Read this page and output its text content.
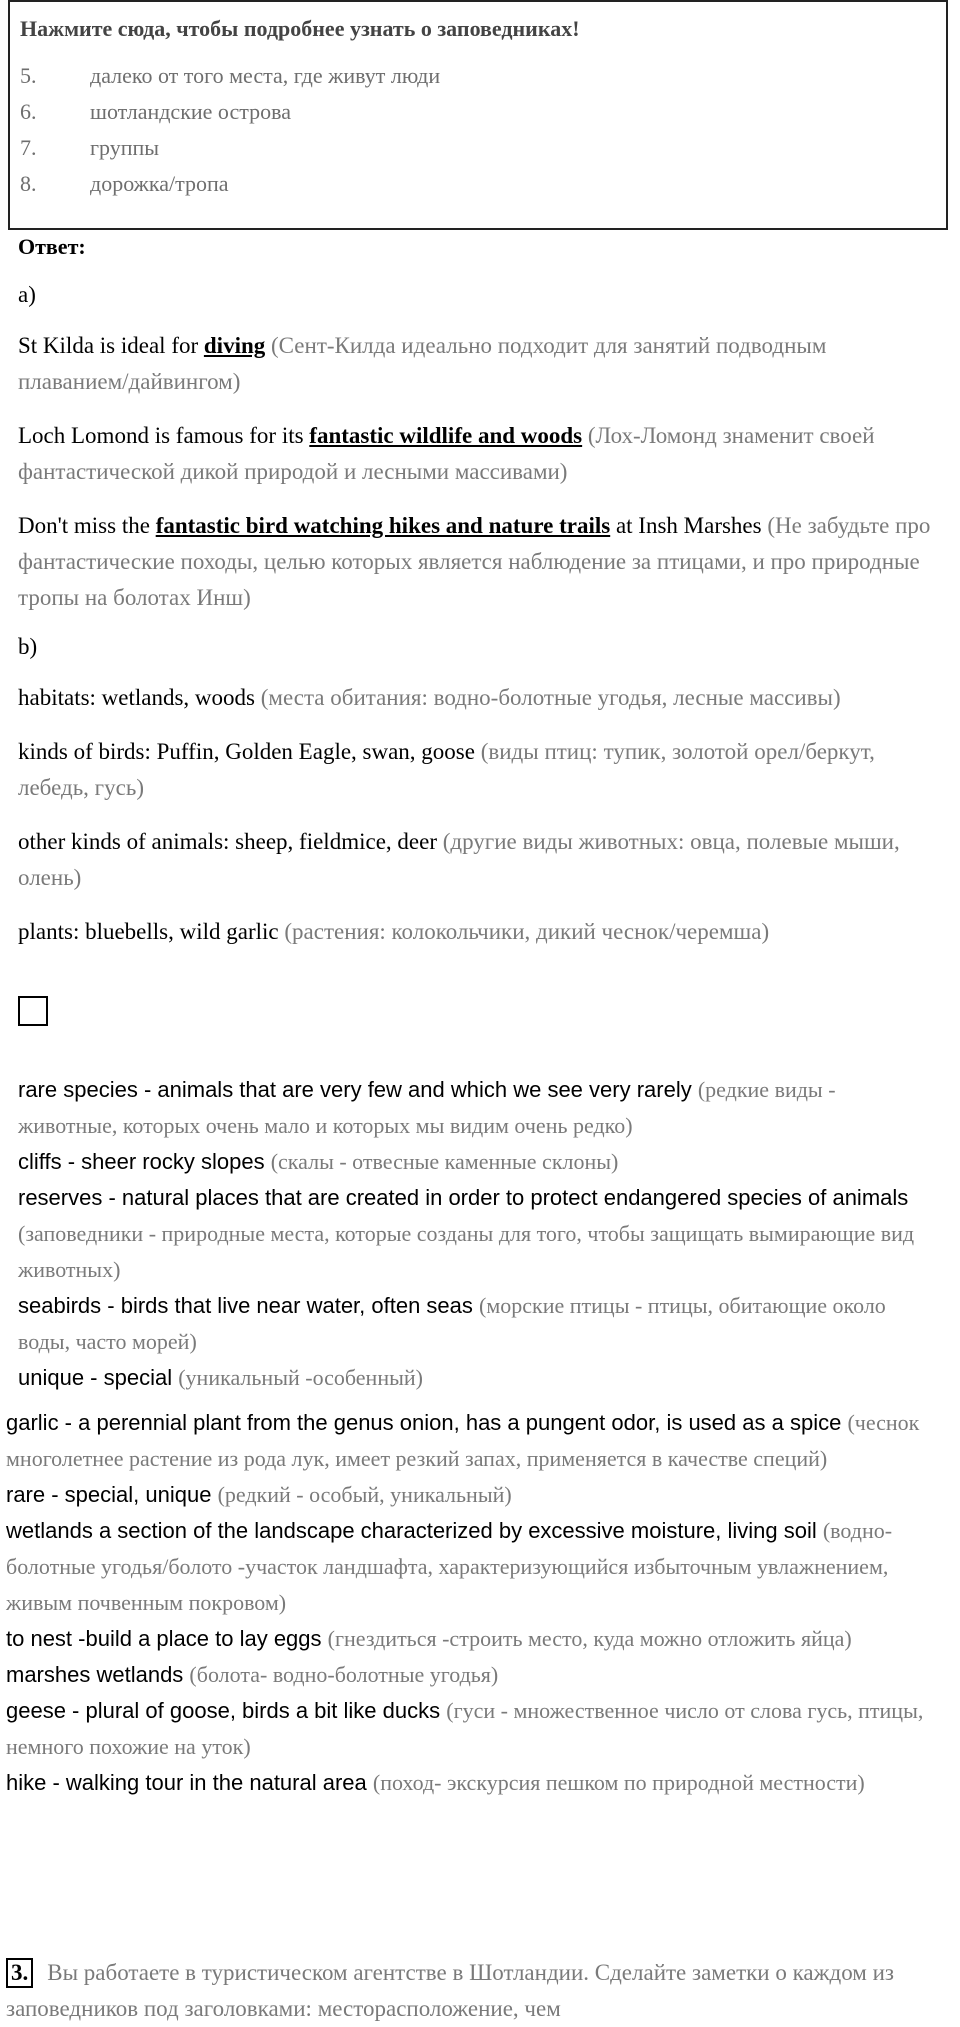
Нажмите сюда, чтобы подробнее узнать о заповедниках!
5.	далеко от того места, где живут люди
6.	шотландские острова
7.	группы
8.	дорожка/тропа
Ответ:
a)

St Kilda is ideal for diving (Сент-Килда идеально подходит для занятий подводным плаванием/дайвингом)

Loch Lomond is famous for its fantastic wildlife and woods (Лох-Ломонд знаменит своей фантастической дикой природой и лесными массивами)

Don't miss the fantastic bird watching hikes and nature trails at Insh Marshes (Не забудьте про фантастические походы, целью которых является наблюдение за птицами, и про природные тропы на болотах Инш)

b)

habitats: wetlands, woods (места обитания: водно-болотные угодья, лесные массивы)

kinds of birds: Puffin, Golden Eagle, swan, goose (виды птиц: тупик, золотой орел/беркут, лебедь, гусь)

other kinds of animals: sheep, fieldmice, deer (другие виды животных: овца, полевые мыши, олень)

plants: bluebells, wild garlic (растения: колокольчики, дикий чеснок/черемша)

rare species - animals that are very few and which we see very rarely (редкие виды - животные, которых очень мало и которых мы видим очень редко)
cliffs - sheer rocky slopes (скалы - отвесные каменные склоны)
reserves - natural places that are created in order to protect endangered species of animals (заповедники - природные места, которые созданы для того, чтобы защищать вымирающие вид животных)
seabirds - birds that live near water, often seas (морские птицы - птицы, обитающие около воды, часто морей)
unique - special (уникальный -особенный)
garlic - a perennial plant from the genus onion, has a pungent odor, is used as a spice (чеснок многолетнее растение из рода лук, имеет резкий запах, применяется в качестве специй)
rare - special, unique (редкий - особый, уникальный)
wetlands a section of the landscape characterized by excessive moisture, living soil (водно-болотные угодья/болото -участок ландшафта, характеризующийся избыточным увлажнением, живым почвенным покровом)
to nest -build a place to lay eggs (гнездиться -строить место, куда можно отложить яйца)
marshes wetlands (болота- водно-болотные угодья)
geese - plural of goose, birds a bit like ducks (гуси - множественное число от слова гусь, птицы, немного похожие на уток)
hike - walking tour in the natural area (поход- экскурсия пешком по природной местности)
3. Вы работаете в туристическом агентстве в Шотландии. Сделайте заметки о каждом из заповедников под заголовками: месторасположение, чем
